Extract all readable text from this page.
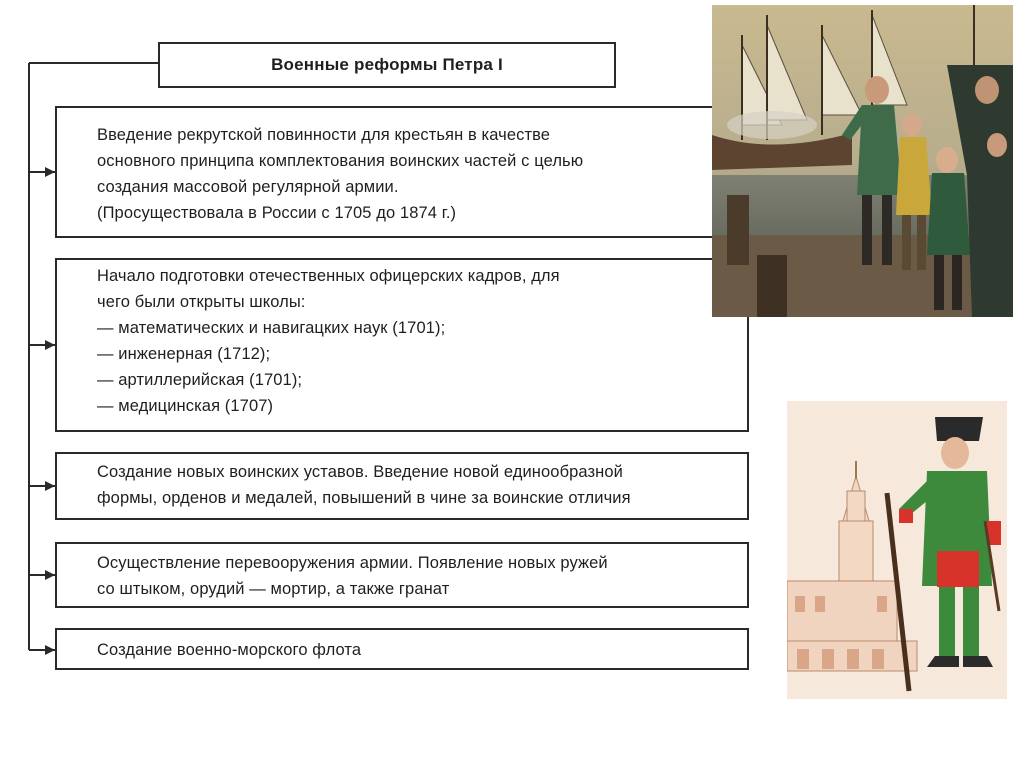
Военные реформы Петра I
Введение рекрутской повинности для крестьян в качестве
основного принципа комплектования воинских частей с целью
создания массовой регулярной армии.
(Просуществовала в России с 1705 до 1874 г.)
Начало подготовки отечественных офицерских кадров, для
чего были открыты школы:
— математических и навигацких наук (1701);
— инженерная (1712);
— артиллерийская (1701);
— медицинская (1707)
Создание новых воинских уставов. Введение новой единообразной
формы, орденов и медалей, повышений в чине за воинские отличия
Осуществление перевооружения армии. Появление новых ружей
со штыком, орудий — мортир, а также гранат
Создание военно-морского флота
